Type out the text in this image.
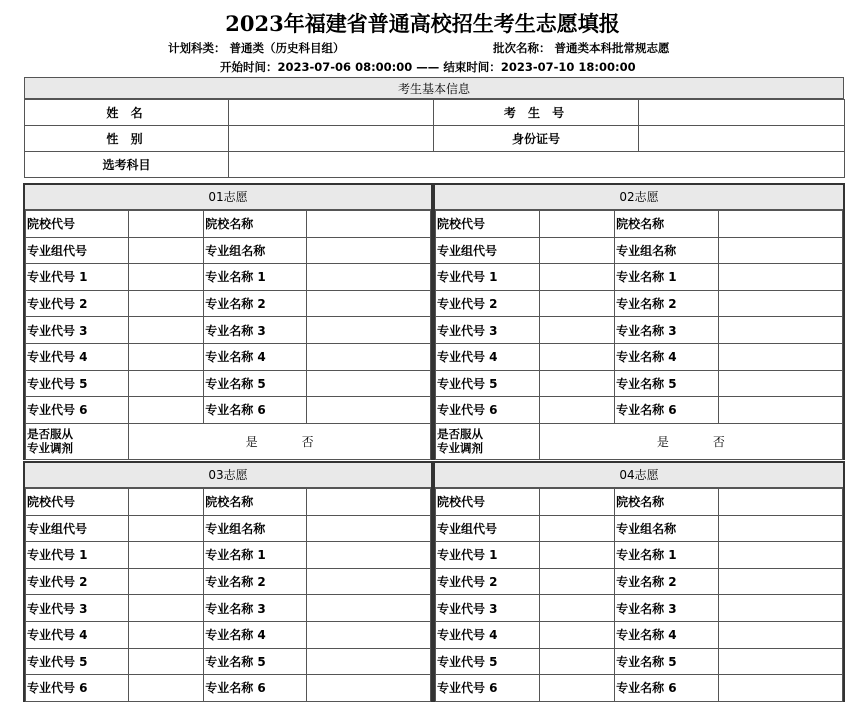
2023年福建省普通高校招生考生志愿填报
计划科类： 普通类（历史科目组）	批次名称： 普通类本科批常规志愿
开始时间：2023-07-06 08:00:00 —— 结束时间：2023-07-10 18:00:00
考生基本信息
姓 名		考 生 号	
性 别		身份证号	
选考科目			
01志愿
院校代号		院校名称	
专业组代号		专业组名称	
专业代号 1		专业名称 1	
专业代号 2		专业名称 2	
专业代号 3		专业名称 3	
专业代号 4		专业名称 4	
专业代号 5		专业名称 5	
专业代号 6		专业名称 6	
是否服从
专业调剂	是 否		
02志愿
院校代号		院校名称	
专业组代号		专业组名称	
专业代号 1		专业名称 1	
专业代号 2		专业名称 2	
专业代号 3		专业名称 3	
专业代号 4		专业名称 4	
专业代号 5		专业名称 5	
专业代号 6		专业名称 6	
是否服从
专业调剂	是 否		
03志愿
院校代号		院校名称	
专业组代号		专业组名称	
专业代号 1		专业名称 1	
专业代号 2		专业名称 2	
专业代号 3		专业名称 3	
专业代号 4		专业名称 4	
专业代号 5		专业名称 5	
专业代号 6		专业名称 6	
04志愿
院校代号		院校名称	
专业组代号		专业组名称	
专业代号 1		专业名称 1	
专业代号 2		专业名称 2	
专业代号 3		专业名称 3	
专业代号 4		专业名称 4	
专业代号 5		专业名称 5	
专业代号 6		专业名称 6	
